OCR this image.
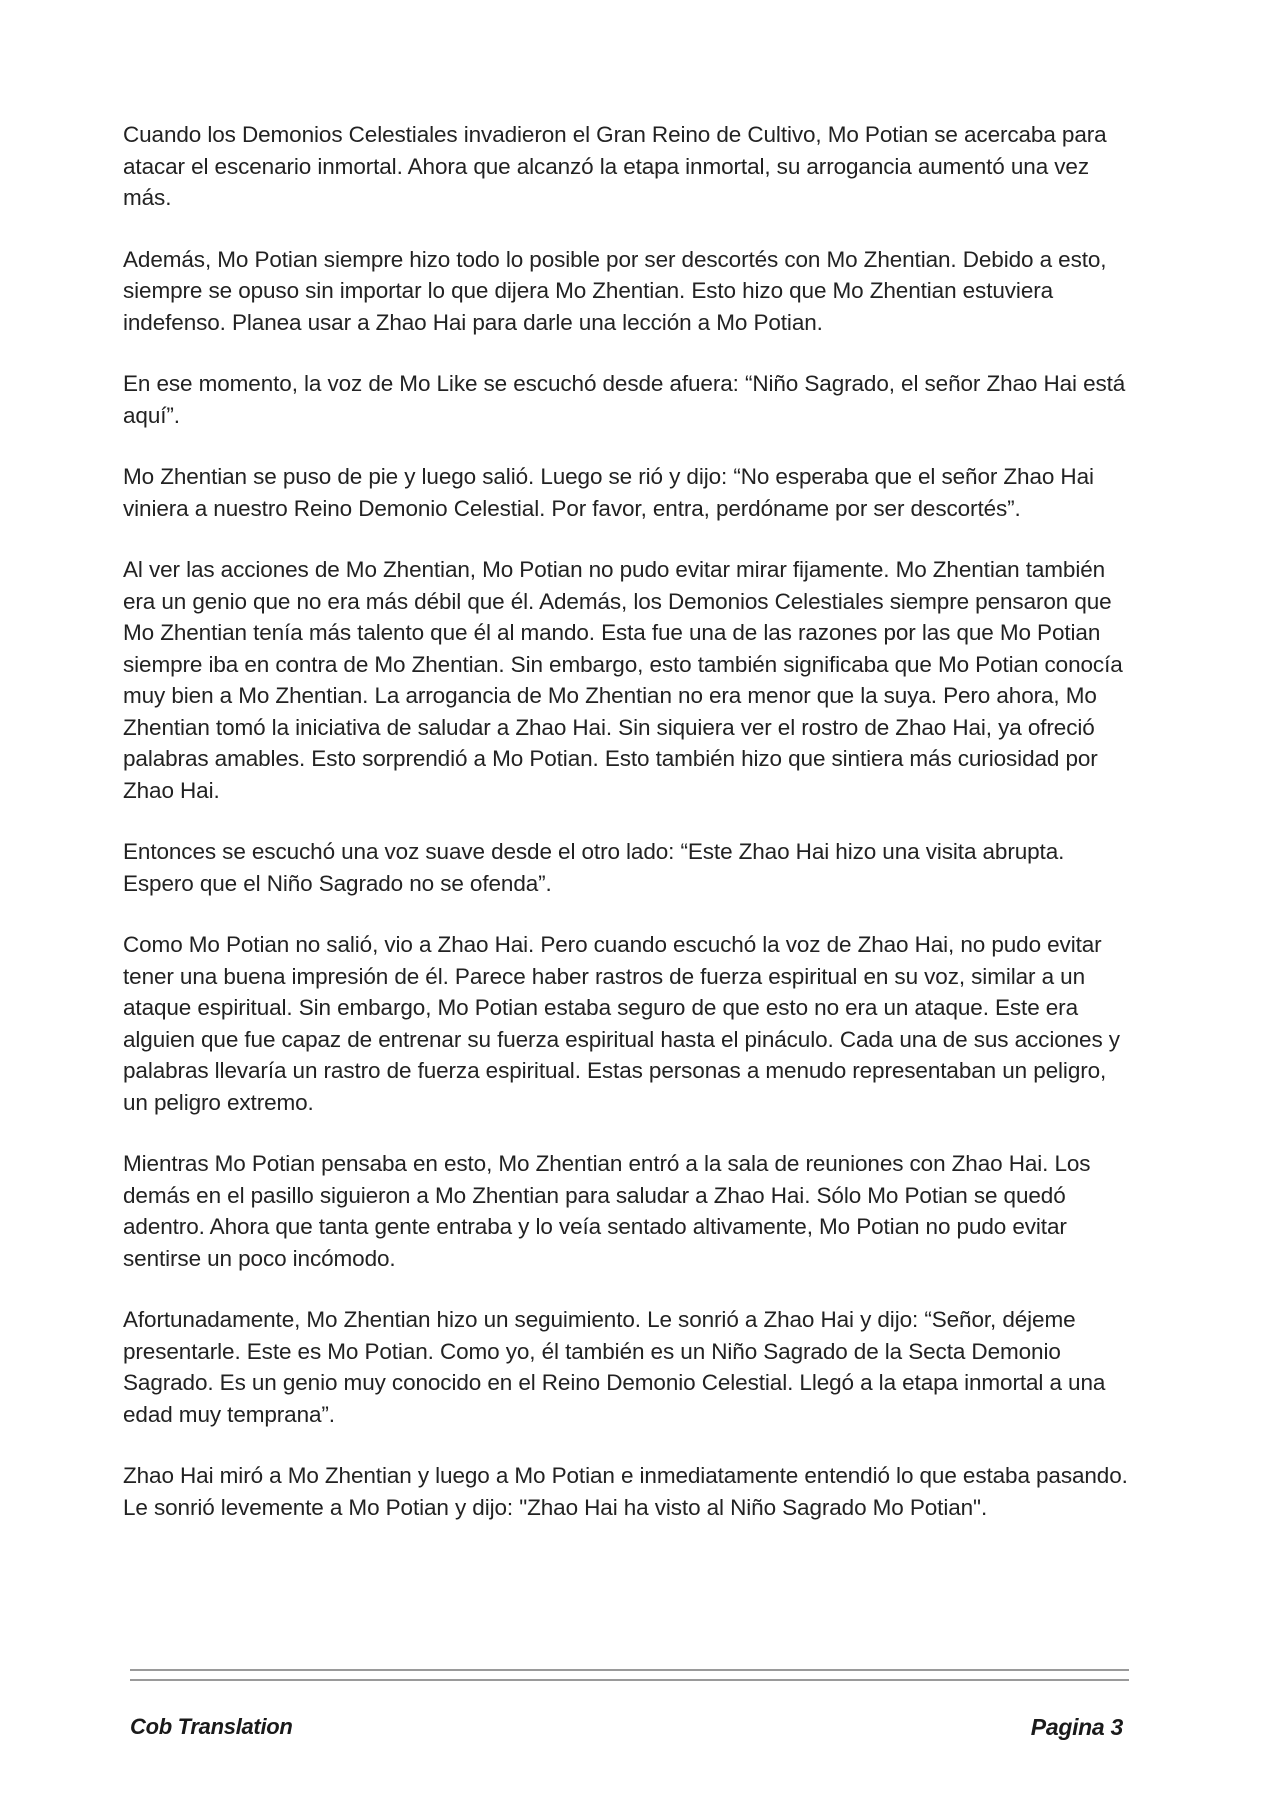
Cuando los Demonios Celestiales invadieron el Gran Reino de Cultivo, Mo Potian se acercaba para atacar el escenario inmortal. Ahora que alcanzó la etapa inmortal, su arrogancia aumentó una vez más.

Además, Mo Potian siempre hizo todo lo posible por ser descortés con Mo Zhentian. Debido a esto, siempre se opuso sin importar lo que dijera Mo Zhentian. Esto hizo que Mo Zhentian estuviera indefenso. Planea usar a Zhao Hai para darle una lección a Mo Potian.

En ese momento, la voz de Mo Like se escuchó desde afuera: “Niño Sagrado, el señor Zhao Hai está aquí”.

Mo Zhentian se puso de pie y luego salió. Luego se rió y dijo: “No esperaba que el señor Zhao Hai viniera a nuestro Reino Demonio Celestial. Por favor, entra, perdóname por ser descortés”.

Al ver las acciones de Mo Zhentian, Mo Potian no pudo evitar mirar fijamente. Mo Zhentian también era un genio que no era más débil que él. Además, los Demonios Celestiales siempre pensaron que Mo Zhentian tenía más talento que él al mando. Esta fue una de las razones por las que Mo Potian siempre iba en contra de Mo Zhentian. Sin embargo, esto también significaba que Mo Potian conocía muy bien a Mo Zhentian. La arrogancia de Mo Zhentian no era menor que la suya. Pero ahora, Mo Zhentian tomó la iniciativa de saludar a Zhao Hai. Sin siquiera ver el rostro de Zhao Hai, ya ofreció palabras amables. Esto sorprendió a Mo Potian. Esto también hizo que sintiera más curiosidad por Zhao Hai.

Entonces se escuchó una voz suave desde el otro lado: “Este Zhao Hai hizo una visita abrupta. Espero que el Niño Sagrado no se ofenda”.

Como Mo Potian no salió, vio a Zhao Hai. Pero cuando escuchó la voz de Zhao Hai, no pudo evitar tener una buena impresión de él. Parece haber rastros de fuerza espiritual en su voz, similar a un ataque espiritual. Sin embargo, Mo Potian estaba seguro de que esto no era un ataque. Este era alguien que fue capaz de entrenar su fuerza espiritual hasta el pináculo. Cada una de sus acciones y palabras llevaría un rastro de fuerza espiritual. Estas personas a menudo representaban un peligro, un peligro extremo.

Mientras Mo Potian pensaba en esto, Mo Zhentian entró a la sala de reuniones con Zhao Hai. Los demás en el pasillo siguieron a Mo Zhentian para saludar a Zhao Hai. Sólo Mo Potian se quedó adentro. Ahora que tanta gente entraba y lo veía sentado altivamente, Mo Potian no pudo evitar sentirse un poco incómodo.

Afortunadamente, Mo Zhentian hizo un seguimiento. Le sonrió a Zhao Hai y dijo: “Señor, déjeme presentarle. Este es Mo Potian. Como yo, él también es un Niño Sagrado de la Secta Demonio Sagrado. Es un genio muy conocido en el Reino Demonio Celestial. Llegó a la etapa inmortal a una edad muy temprana”.

Zhao Hai miró a Mo Zhentian y luego a Mo Potian e inmediatamente entendió lo que estaba pasando. Le sonrió levemente a Mo Potian y dijo: "Zhao Hai ha visto al Niño Sagrado Mo Potian".

Cob Translation	Pagina 3
